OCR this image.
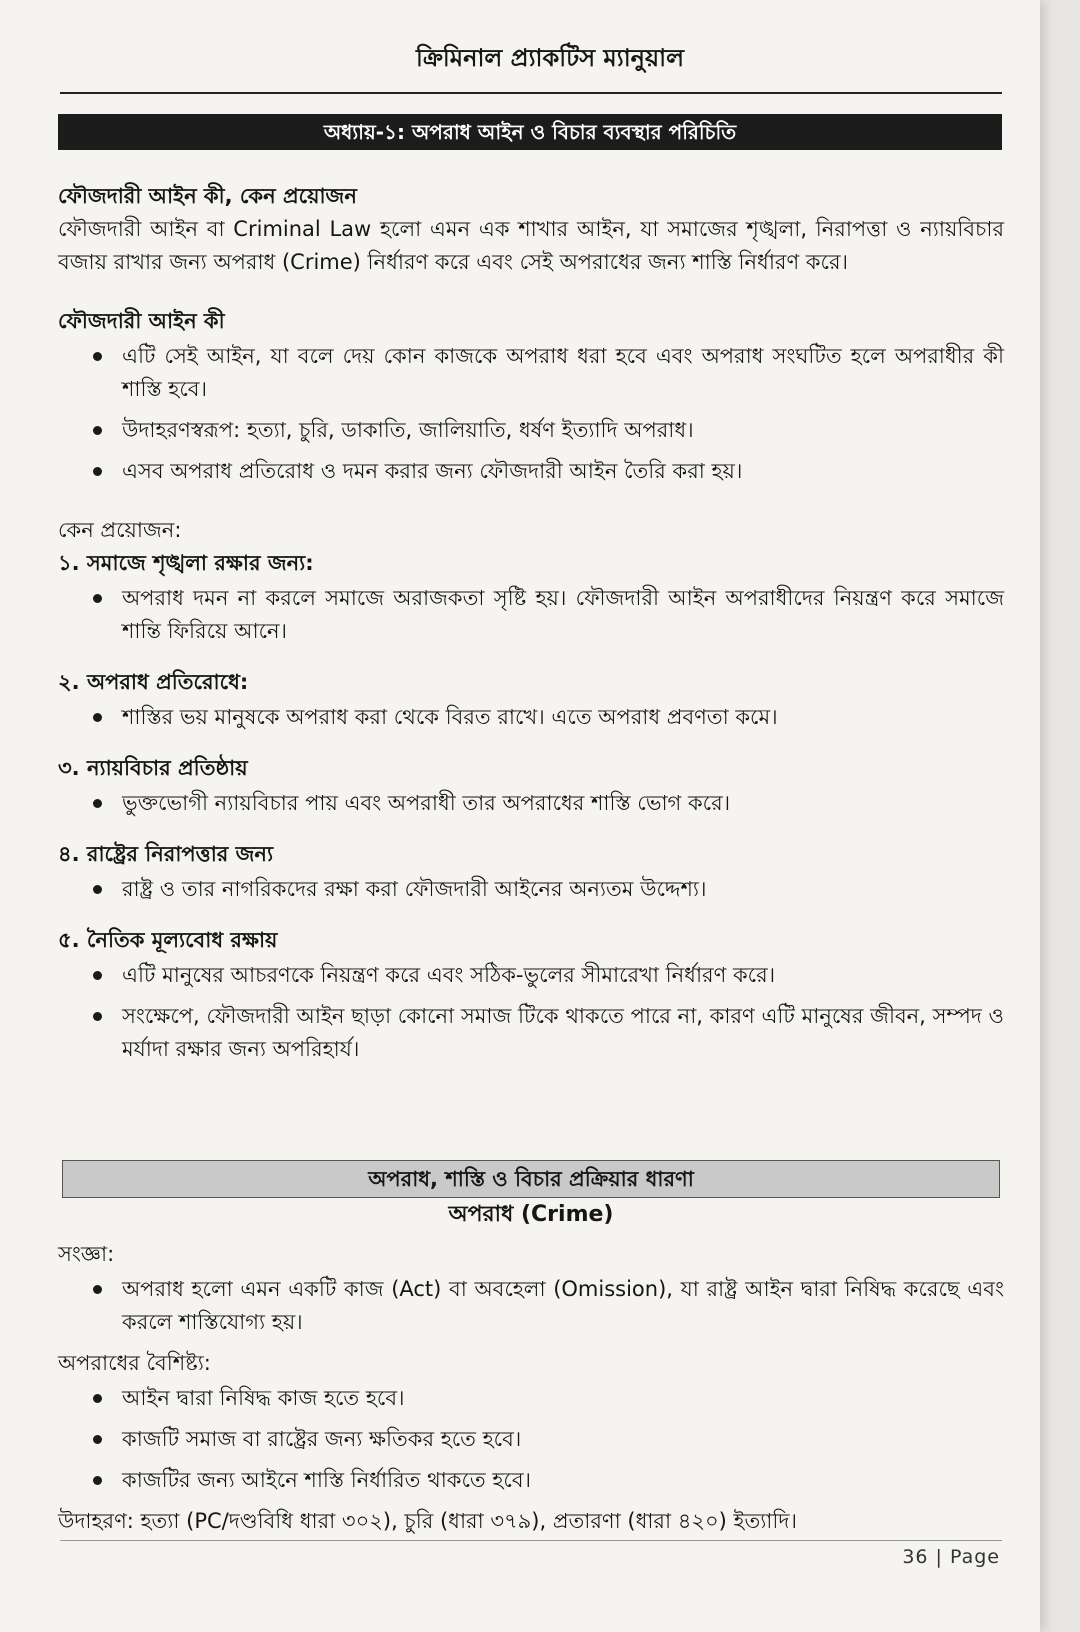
ক্রিমিনাল প্র্যাকটিস ম্যানুয়াল
অধ্যায়-১: অপরাধ আইন ও বিচার ব্যবস্থার পরিচিতি

ফৌজদারী আইন কী, কেন প্রয়োজন

ফৌজদারী আইন বা Criminal Law হলো এমন এক শাখার আইন, যা সমাজের শৃঙ্খলা, নিরাপত্তা ও ন্যায়বিচার বজায় রাখার জন্য অপরাধ (Crime) নির্ধারণ করে এবং সেই অপরাধের জন্য শাস্তি নির্ধারণ করে।

ফৌজদারী আইন কী

এটি সেই আইন, যা বলে দেয় কোন কাজকে অপরাধ ধরা হবে এবং অপরাধ সংঘটিত হলে অপরাধীর কী শাস্তি হবে।
উদাহরণস্বরূপ: হত্যা, চুরি, ডাকাতি, জালিয়াতি, ধর্ষণ ইত্যাদি অপরাধ।
এসব অপরাধ প্রতিরোধ ও দমন করার জন্য ফৌজদারী আইন তৈরি করা হয়।

কেন প্রয়োজন:

১. সমাজে শৃঙ্খলা রক্ষার জন্য:

অপরাধ দমন না করলে সমাজে অরাজকতা সৃষ্টি হয়। ফৌজদারী আইন অপরাধীদের নিয়ন্ত্রণ করে সমাজে শান্তি ফিরিয়ে আনে।

২. অপরাধ প্রতিরোধে:

শাস্তির ভয় মানুষকে অপরাধ করা থেকে বিরত রাখে। এতে অপরাধ প্রবণতা কমে।

৩. ন্যায়বিচার প্রতিষ্ঠায়

ভুক্তভোগী ন্যায়বিচার পায় এবং অপরাধী তার অপরাধের শাস্তি ভোগ করে।

৪. রাষ্ট্রের নিরাপত্তার জন্য

রাষ্ট্র ও তার নাগরিকদের রক্ষা করা ফৌজদারী আইনের অন্যতম উদ্দেশ্য।

৫. নৈতিক মূল্যবোধ রক্ষায়

এটি মানুষের আচরণকে নিয়ন্ত্রণ করে এবং সঠিক-ভুলের সীমারেখা নির্ধারণ করে।
সংক্ষেপে, ফৌজদারী আইন ছাড়া কোনো সমাজ টিকে থাকতে পারে না, কারণ এটি মানুষের জীবন, সম্পদ ও মর্যাদা রক্ষার জন্য অপরিহার্য।
অপরাধ, শাস্তি ও বিচার প্রক্রিয়ার ধারণা
অপরাধ (Crime)

সংজ্ঞা:

অপরাধ হলো এমন একটি কাজ (Act) বা অবহেলা (Omission), যা রাষ্ট্র আইন দ্বারা নিষিদ্ধ করেছে এবং করলে শাস্তিযোগ্য হয়।

অপরাধের বৈশিষ্ট্য:

আইন দ্বারা নিষিদ্ধ কাজ হতে হবে।
কাজটি সমাজ বা রাষ্ট্রের জন্য ক্ষতিকর হতে হবে।
কাজটির জন্য আইনে শাস্তি নির্ধারিত থাকতে হবে।

উদাহরণ: হত্যা (PC/দণ্ডবিধি ধারা ৩০২), চুরি (ধারা ৩৭৯), প্রতারণা (ধারা ৪২০) ইত্যাদি।

36 | Page
